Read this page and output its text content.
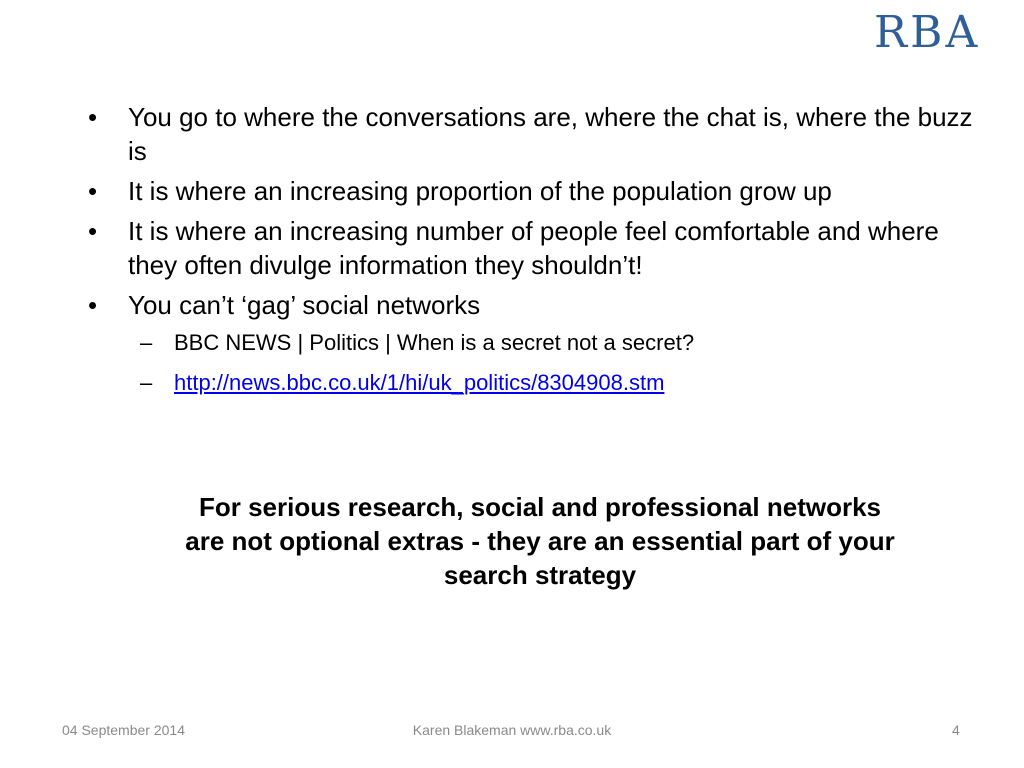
RBA
•	You go to where the conversations are, where the chat is, where the buzz is
•	It is where an increasing proportion of the population grow up
•	It is where an increasing number of people feel comfortable and where they often divulge information they shouldn’t!
•	You can’t ‘gag’ social networks
– BBC NEWS | Politics | When is a secret not a secret?
– http://news.bbc.co.uk/1/hi/uk_politics/8304908.stm
For serious research, social and professional networks are not optional extras - they are an essential part of your search strategy
04 September 2014	Karen Blakeman www.rba.co.uk	4
